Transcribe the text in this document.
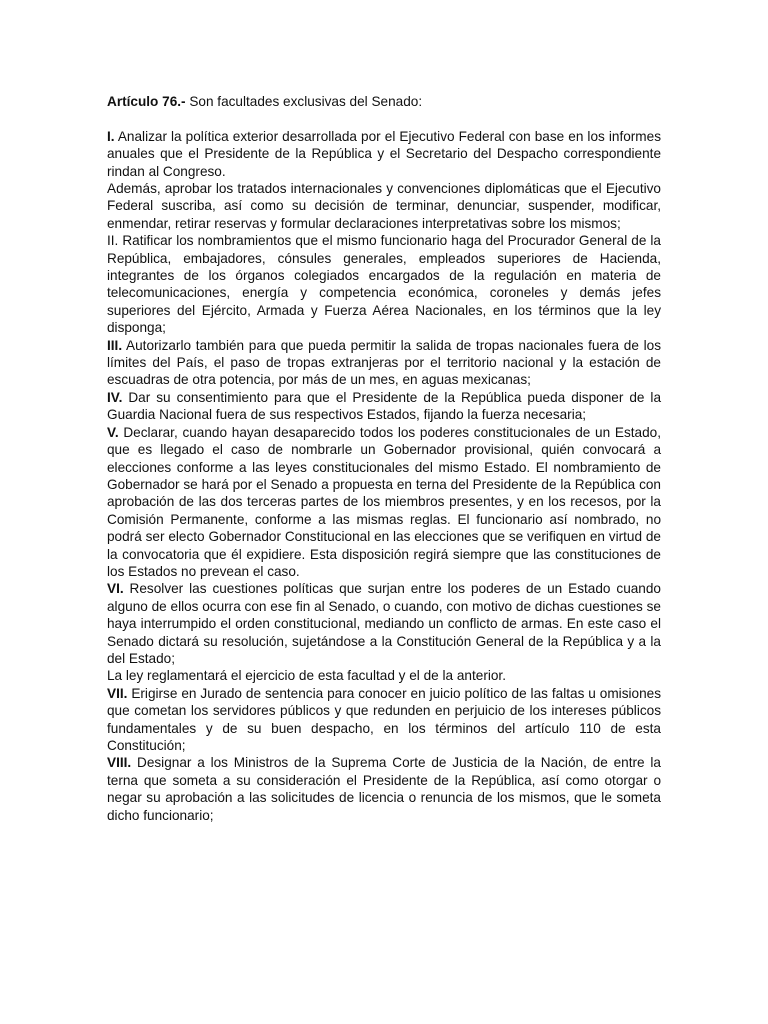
Artículo 76.- Son facultades exclusivas del Senado:

I. Analizar la política exterior desarrollada por el Ejecutivo Federal con base en los informes anuales que el Presidente de la República y el Secretario del Despacho correspondiente rindan al Congreso.

Además, aprobar los tratados internacionales y convenciones diplomáticas que el Ejecutivo Federal suscriba, así como su decisión de terminar, denunciar, suspender, modificar, enmendar, retirar reservas y formular declaraciones interpretativas sobre los mismos;

II. Ratificar los nombramientos que el mismo funcionario haga del Procurador General de la República, embajadores, cónsules generales, empleados superiores de Hacienda, integrantes de los órganos colegiados encargados de la regulación en materia de telecomunicaciones, energía y competencia económica, coroneles y demás jefes superiores del Ejército, Armada y Fuerza Aérea Nacionales, en los términos que la ley disponga;

III. Autorizarlo también para que pueda permitir la salida de tropas nacionales fuera de los límites del País, el paso de tropas extranjeras por el territorio nacional y la estación de escuadras de otra potencia, por más de un mes, en aguas mexicanas;

IV. Dar su consentimiento para que el Presidente de la República pueda disponer de la Guardia Nacional fuera de sus respectivos Estados, fijando la fuerza necesaria;

V. Declarar, cuando hayan desaparecido todos los poderes constitucionales de un Estado, que es llegado el caso de nombrarle un Gobernador provisional, quién convocará a elecciones conforme a las leyes constitucionales del mismo Estado. El nombramiento de Gobernador se hará por el Senado a propuesta en terna del Presidente de la República con aprobación de las dos terceras partes de los miembros presentes, y en los recesos, por la Comisión Permanente, conforme a las mismas reglas. El funcionario así nombrado, no podrá ser electo Gobernador Constitucional en las elecciones que se verifiquen en virtud de la convocatoria que él expidiere. Esta disposición regirá siempre que las constituciones de los Estados no prevean el caso.

VI. Resolver las cuestiones políticas que surjan entre los poderes de un Estado cuando alguno de ellos ocurra con ese fin al Senado, o cuando, con motivo de dichas cuestiones se haya interrumpido el orden constitucional, mediando un conflicto de armas. En este caso el Senado dictará su resolución, sujetándose a la Constitución General de la República y a la del Estado;

La ley reglamentará el ejercicio de esta facultad y el de la anterior.

VII. Erigirse en Jurado de sentencia para conocer en juicio político de las faltas u omisiones que cometan los servidores públicos y que redunden en perjuicio de los intereses públicos fundamentales y de su buen despacho, en los términos del artículo 110 de esta Constitución;

VIII. Designar a los Ministros de la Suprema Corte de Justicia de la Nación, de entre la terna que someta a su consideración el Presidente de la República, así como otorgar o negar su aprobación a las solicitudes de licencia o renuncia de los mismos, que le someta dicho funcionario;
